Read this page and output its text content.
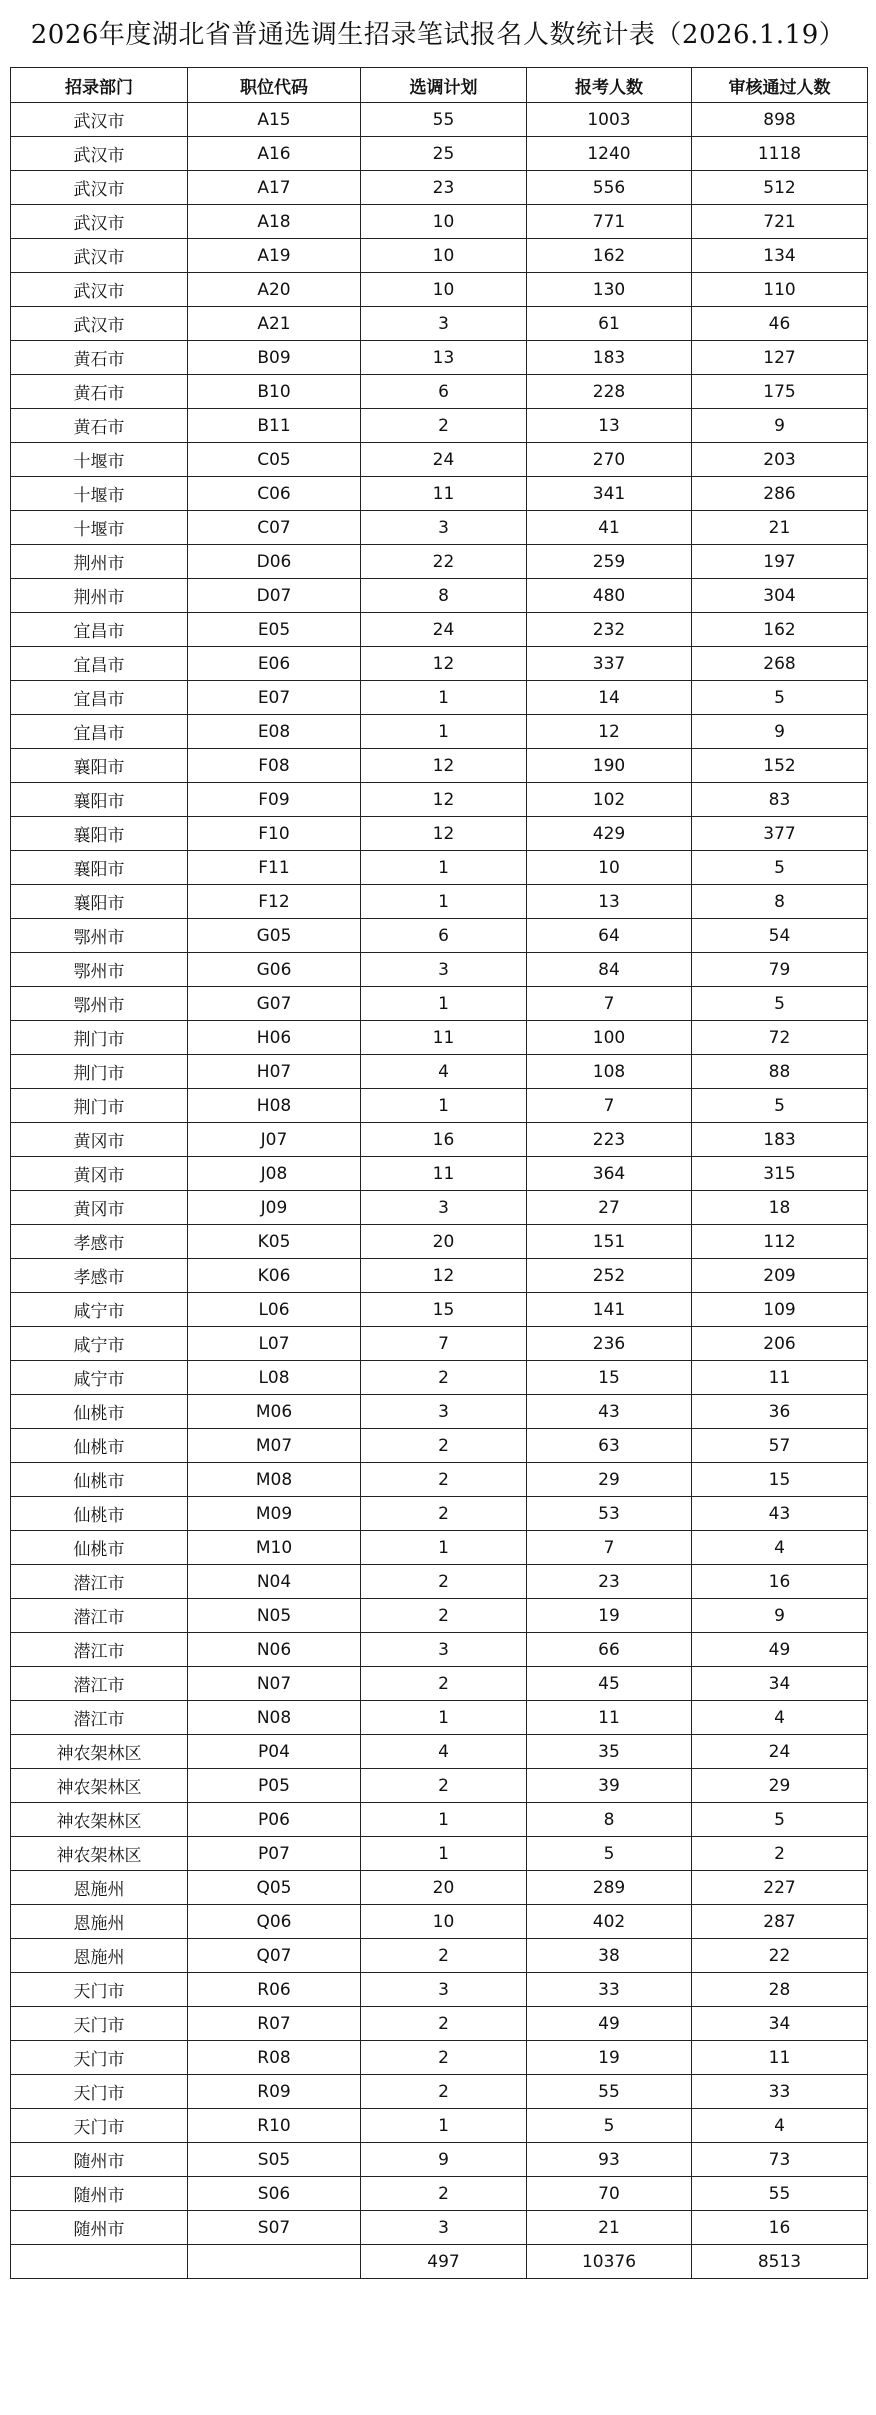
2026年度湖北省普通选调生招录笔试报名人数统计表（2026.1.19）
招录部门	职位代码	选调计划	报考人数	审核通过人数
武汉市	A15	55	1003	898
武汉市	A16	25	1240	1118
武汉市	A17	23	556	512
武汉市	A18	10	771	721
武汉市	A19	10	162	134
武汉市	A20	10	130	110
武汉市	A21	3	61	46
黄石市	B09	13	183	127
黄石市	B10	6	228	175
黄石市	B11	2	13	9
十堰市	C05	24	270	203
十堰市	C06	11	341	286
十堰市	C07	3	41	21
荆州市	D06	22	259	197
荆州市	D07	8	480	304
宜昌市	E05	24	232	162
宜昌市	E06	12	337	268
宜昌市	E07	1	14	5
宜昌市	E08	1	12	9
襄阳市	F08	12	190	152
襄阳市	F09	12	102	83
襄阳市	F10	12	429	377
襄阳市	F11	1	10	5
襄阳市	F12	1	13	8
鄂州市	G05	6	64	54
鄂州市	G06	3	84	79
鄂州市	G07	1	7	5
荆门市	H06	11	100	72
荆门市	H07	4	108	88
荆门市	H08	1	7	5
黄冈市	J07	16	223	183
黄冈市	J08	11	364	315
黄冈市	J09	3	27	18
孝感市	K05	20	151	112
孝感市	K06	12	252	209
咸宁市	L06	15	141	109
咸宁市	L07	7	236	206
咸宁市	L08	2	15	11
仙桃市	M06	3	43	36
仙桃市	M07	2	63	57
仙桃市	M08	2	29	15
仙桃市	M09	2	53	43
仙桃市	M10	1	7	4
潜江市	N04	2	23	16
潜江市	N05	2	19	9
潜江市	N06	3	66	49
潜江市	N07	2	45	34
潜江市	N08	1	11	4
神农架林区	P04	4	35	24
神农架林区	P05	2	39	29
神农架林区	P06	1	8	5
神农架林区	P07	1	5	2
恩施州	Q05	20	289	227
恩施州	Q06	10	402	287
恩施州	Q07	2	38	22
天门市	R06	3	33	28
天门市	R07	2	49	34
天门市	R08	2	19	11
天门市	R09	2	55	33
天门市	R10	1	5	4
随州市	S05	9	93	73
随州市	S06	2	70	55
随州市	S07	3	21	16
		497	10376	8513
